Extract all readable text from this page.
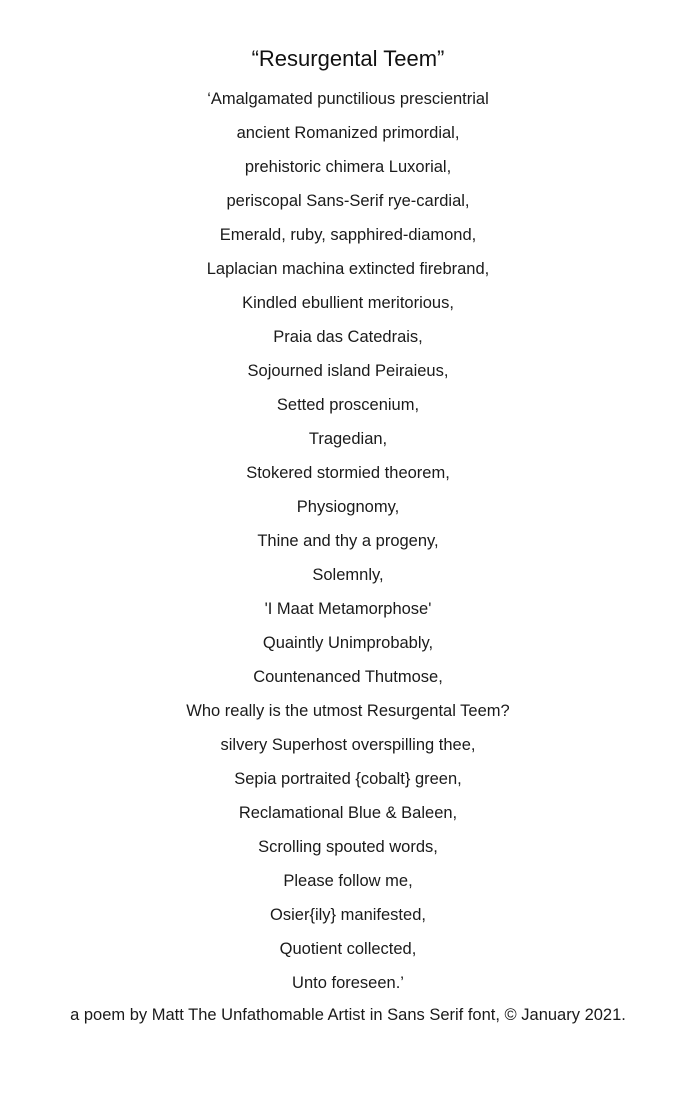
“Resurgental Teem”
‘Amalgamated punctilious prescientrial
ancient Romanized primordial,
prehistoric chimera Luxorial,
periscopal Sans-Serif rye-cardial,
Emerald, ruby, sapphired-diamond,
Laplacian machina extincted firebrand,
Kindled ebullient meritorious,
Praia das Catedrais,
Sojourned island Peiraieus,
Setted proscenium,
Tragedian,
Stokered stormied theorem,
Physiognomy,
Thine and thy a progeny,
Solemnly,
'I Maat Metamorphose'
Quaintly Unimprobably,
Countenanced Thutmose,
Who really is the utmost Resurgental Teem?
silvery Superhost overspilling thee,
Sepia portraited {cobalt} green,
Reclamational Blue & Baleen,
Scrolling spouted words,
Please follow me,
Osier{ily} manifested,
Quotient collected,
Unto foreseen.’
a poem by Matt The Unfathomable Artist in Sans Serif font, © January 2021.
